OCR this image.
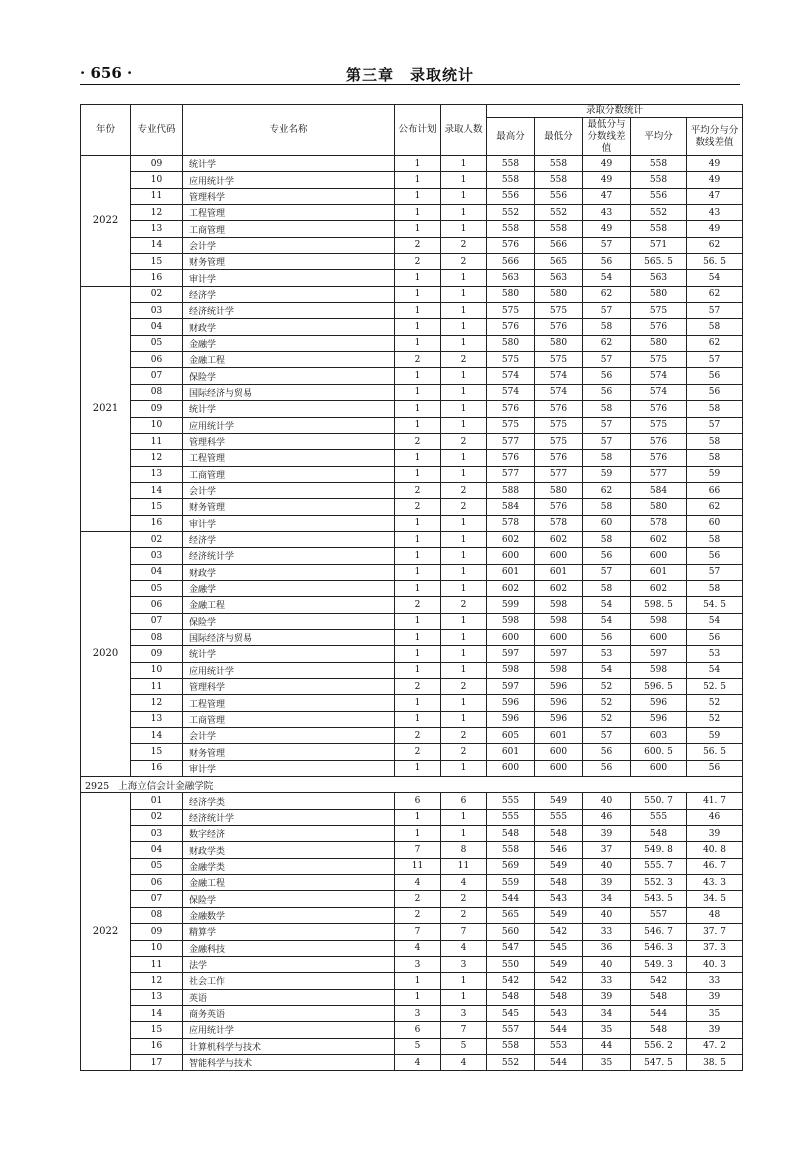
· 656 ·	第三章　录取统计
年份	专业代码	专业名称	公布计划	录取人数	录取分数统计				
					最高分	最低分	最低分与分数线差值	平均分	平均分与分数线差值
2022	09	统计学	1	1	558	558	49	558	49
	10	应用统计学	1	1	558	558	49	558	49
	11	管理科学	1	1	556	556	47	556	47
	12	工程管理	1	1	552	552	43	552	43
	13	工商管理	1	1	558	558	49	558	49
	14	会计学	2	2	576	566	57	571	62
	15	财务管理	2	2	566	565	56	565. 5	56. 5
	16	审计学	1	1	563	563	54	563	54
2021	02	经济学	1	1	580	580	62	580	62
	03	经济统计学	1	1	575	575	57	575	57
	04	财政学	1	1	576	576	58	576	58
	05	金融学	1	1	580	580	62	580	62
	06	金融工程	2	2	575	575	57	575	57
	07	保险学	1	1	574	574	56	574	56
	08	国际经济与贸易	1	1	574	574	56	574	56
	09	统计学	1	1	576	576	58	576	58
	10	应用统计学	1	1	575	575	57	575	57
	11	管理科学	2	2	577	575	57	576	58
	12	工程管理	1	1	576	576	58	576	58
	13	工商管理	1	1	577	577	59	577	59
	14	会计学	2	2	588	580	62	584	66
	15	财务管理	2	2	584	576	58	580	62
	16	审计学	1	1	578	578	60	578	60
2020	02	经济学	1	1	602	602	58	602	58
	03	经济统计学	1	1	600	600	56	600	56
	04	财政学	1	1	601	601	57	601	57
	05	金融学	1	1	602	602	58	602	58
	06	金融工程	2	2	599	598	54	598. 5	54. 5
	07	保险学	1	1	598	598	54	598	54
	08	国际经济与贸易	1	1	600	600	56	600	56
	09	统计学	1	1	597	597	53	597	53
	10	应用统计学	1	1	598	598	54	598	54
	11	管理科学	2	2	597	596	52	596. 5	52. 5
	12	工程管理	1	1	596	596	52	596	52
	13	工商管理	1	1	596	596	52	596	52
	14	会计学	2	2	605	601	57	603	59
	15	财务管理	2	2	601	600	56	600. 5	56. 5
	16	审计学	1	1	600	600	56	600	56
2925 上海立信会计金融学院									
2022	01	经济学类	6	6	555	549	40	550. 7	41. 7
	02	经济统计学	1	1	555	555	46	555	46
	03	数字经济	1	1	548	548	39	548	39
	04	财政学类	7	8	558	546	37	549. 8	40. 8
	05	金融学类	11	11	569	549	40	555. 7	46. 7
	06	金融工程	4	4	559	548	39	552. 3	43. 3
	07	保险学	2	2	544	543	34	543. 5	34. 5
	08	金融数学	2	2	565	549	40	557	48
	09	精算学	7	7	560	542	33	546. 7	37. 7
	10	金融科技	4	4	547	545	36	546. 3	37. 3
	11	法学	3	3	550	549	40	549. 3	40. 3
	12	社会工作	1	1	542	542	33	542	33
	13	英语	1	1	548	548	39	548	39
	14	商务英语	3	3	545	543	34	544	35
	15	应用统计学	6	7	557	544	35	548	39
	16	计算机科学与技术	5	5	558	553	44	556. 2	47. 2
	17	智能科学与技术	4	4	552	544	35	547. 5	38. 5
